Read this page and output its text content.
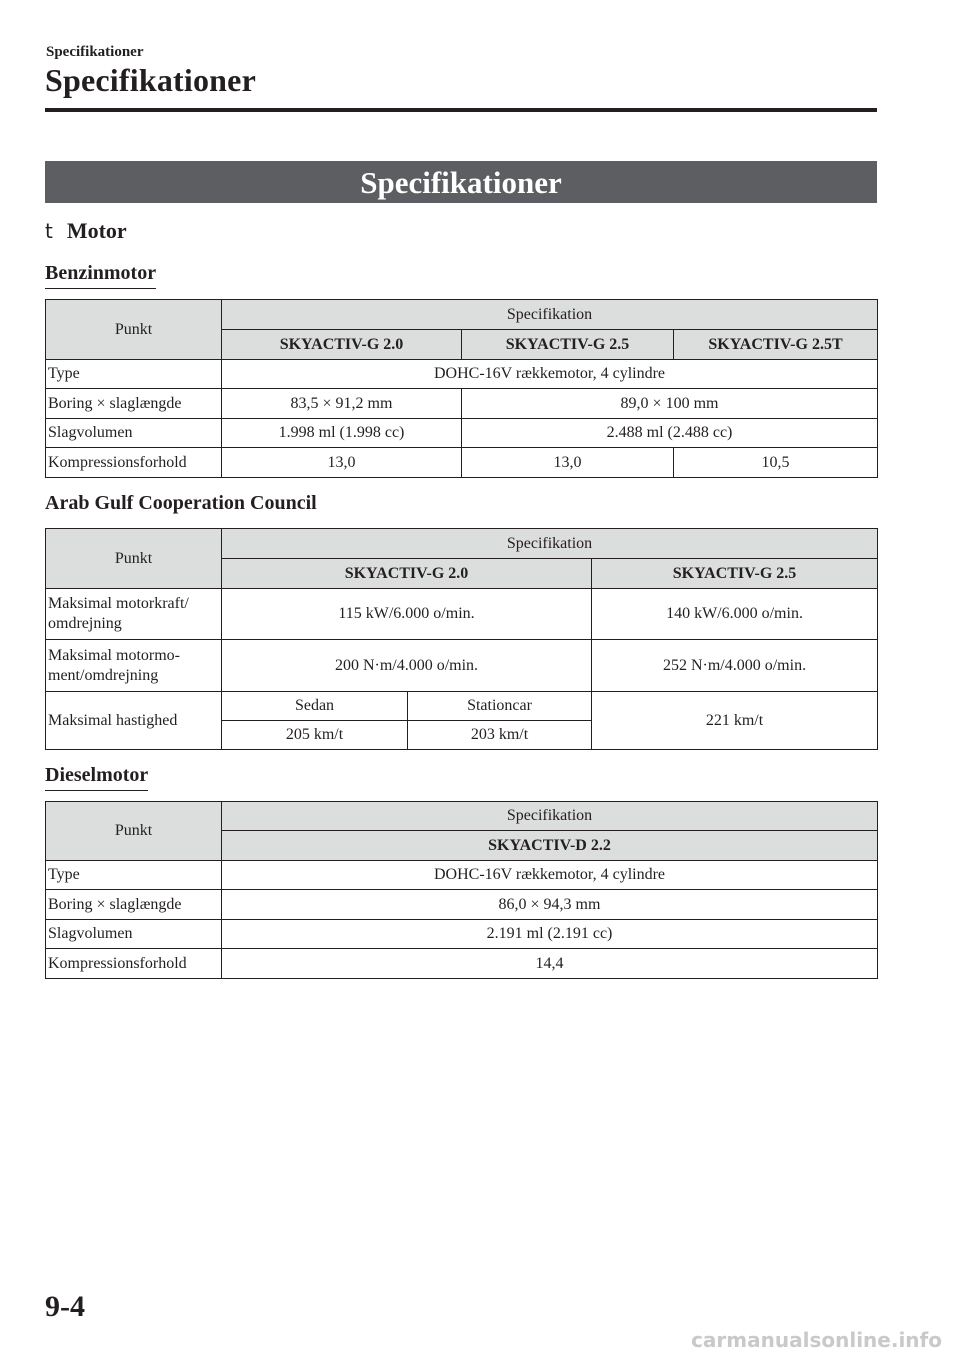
Specifikationer
Specifikationer
Specifikationer
t Motor
Benzinmotor
Punkt	Specifikation		
	SKYACTIV-G 2.0	SKYACTIV-G 2.5	SKYACTIV-G 2.5T
Type	DOHC-16V rækkemotor, 4 cylindre		
Boring × slaglængde	83,5 × 91,2 mm	89,0 × 100 mm	
Slagvolumen	1.998 ml (1.998 cc)	2.488 ml (2.488 cc)	
Kompressionsforhold	13,0	13,0	10,5
Arab Gulf Cooperation Council
Punkt	Specifikation		
	SKYACTIV-G 2.0		SKYACTIV-G 2.5
Maksimal motorkraft/
omdrejning	115 kW/6.000 o/min.		140 kW/6.000 o/min.
Maksimal motormo-
ment/omdrejning	200 N·m/4.000 o/min.		252 N·m/4.000 o/min.
Maksimal hastighed	Sedan	Stationcar	221 km/t
	205 km/t	203 km/t	
Dieselmotor
Punkt	Specifikation
	SKYACTIV-D 2.2
Type	DOHC-16V rækkemotor, 4 cylindre
Boring × slaglængde	86,0 × 94,3 mm
Slagvolumen	2.191 ml (2.191 cc)
Kompressionsforhold	14,4
9-4
carmanualsonline.info
